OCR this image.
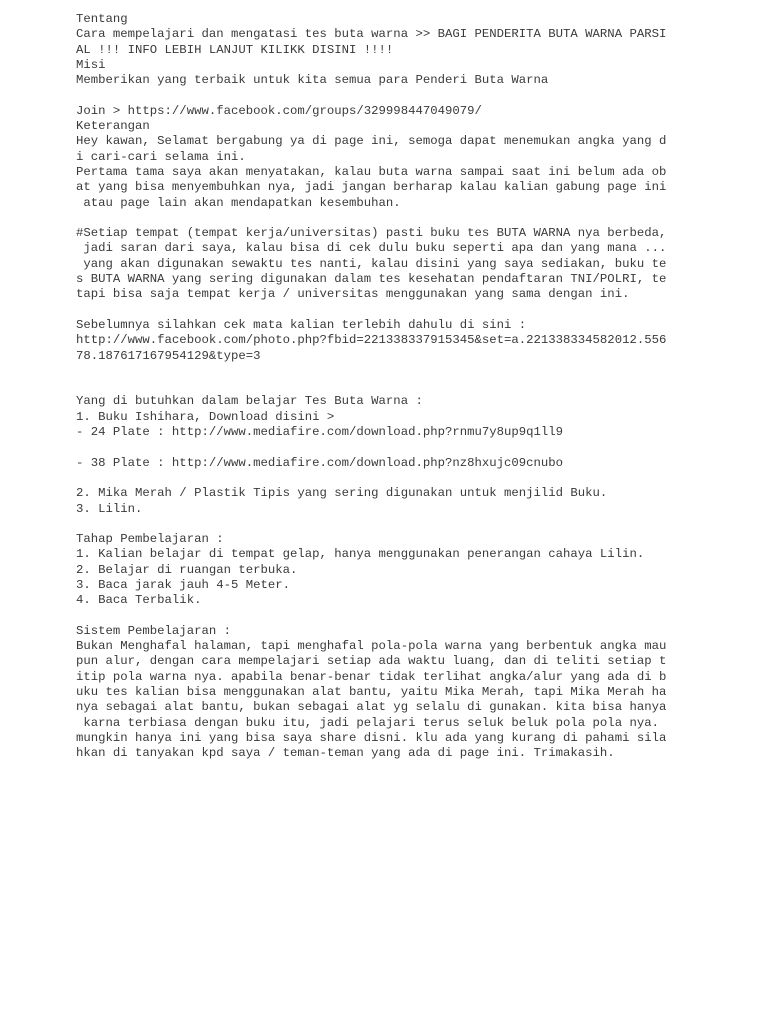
Tentang
Cara mempelajari dan mengatasi tes buta warna >> BAGI PENDERITA BUTA WARNA PARSI
AL !!! INFO LEBIH LANJUT KILIKK DISINI !!!!
Misi
Memberikan yang terbaik untuk kita semua para Penderi Buta Warna
Join > https://www.facebook.com/groups/329998447049079/
Keterangan
Hey kawan, Selamat bergabung ya di page ini, semoga dapat menemukan angka yang d
i cari-cari selama ini.
Pertama tama saya akan menyatakan, kalau buta warna sampai saat ini belum ada ob
at yang bisa menyembuhkan nya, jadi jangan berharap kalau kalian gabung page ini
atau page lain akan mendapatkan kesembuhan.
#Setiap tempat (tempat kerja/universitas) pasti buku tes BUTA WARNA nya berbeda,
jadi saran dari saya, kalau bisa di cek dulu buku seperti apa dan yang mana ...
yang akan digunakan sewaktu tes nanti, kalau disini yang saya sediakan, buku te
s BUTA WARNA yang sering digunakan dalam tes kesehatan pendaftaran TNI/POLRI, te
tapi bisa saja tempat kerja / universitas menggunakan yang sama dengan ini.
Sebelumnya silahkan cek mata kalian terlebih dahulu di sini :
http://www.facebook.com/photo.php?fbid=221338337915345&set=a.221338334582012.556
78.187617167954129&type=3
Yang di butuhkan dalam belajar Tes Buta Warna :
1. Buku Ishihara, Download disini >
- 24 Plate : http://www.mediafire.com/download.php?rnmu7y8up9q1ll9
- 38 Plate : http://www.mediafire.com/download.php?nz8hxujc09cnubo
2. Mika Merah / Plastik Tipis yang sering digunakan untuk menjilid Buku.
3. Lilin.
Tahap Pembelajaran :
1. Kalian belajar di tempat gelap, hanya menggunakan penerangan cahaya Lilin.
2. Belajar di ruangan terbuka.
3. Baca jarak jauh 4-5 Meter.
4. Baca Terbalik.
Sistem Pembelajaran :
Bukan Menghafal halaman, tapi menghafal pola-pola warna yang berbentuk angka mau
pun alur, dengan cara mempelajari setiap ada waktu luang, dan di teliti setiap t
itip pola warna nya. apabila benar-benar tidak terlihat angka/alur yang ada di b
uku tes kalian bisa menggunakan alat bantu, yaitu Mika Merah, tapi Mika Merah ha
nya sebagai alat bantu, bukan sebagai alat yg selalu di gunakan. kita bisa hanya
karna terbiasa dengan buku itu, jadi pelajari terus seluk beluk pola pola nya.
mungkin hanya ini yang bisa saya share disni. klu ada yang kurang di pahami sila
hkan di tanyakan kpd saya / teman-teman yang ada di page ini. Trimakasih.
